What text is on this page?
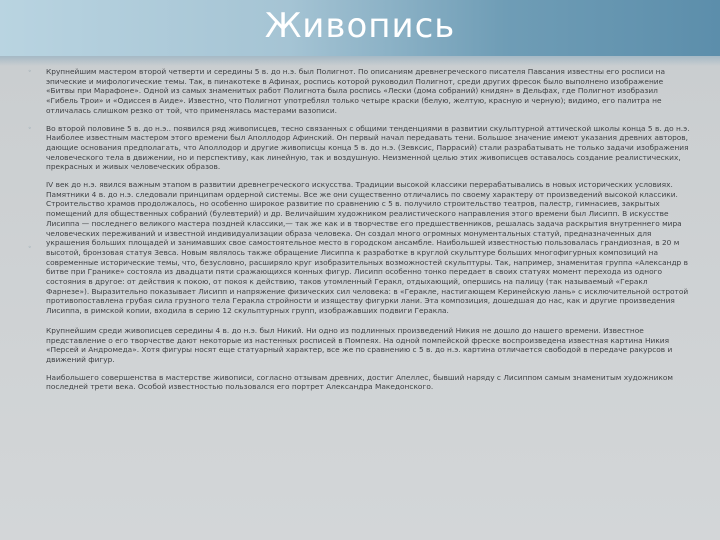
Живопись

◦	Крупнейшим мастером второй четверти и середины 5 в. до н.э. был Полигнот. По описаниям древнегреческого писателя Павсания известны его росписи на эпические и мифологические темы. Так, в пинакотеке в Афинах, роспись которой руководил Полигнот, среди других фресок было выполнено изображение «Битвы при Марафоне». Одной из самых знаменитых работ Полигнота была роспись «Лески (дома собраний) книдян» в Дельфах, где Полигнот изобразил «Гибель Трои» и «Одиссея в Аиде». Известно, что Полигнот употреблял только четыре краски (белую, желтую, красную и черную); видимо, его палитра не отличалась слишком резко от той, что применялась мастерами вазописи.

◦	Во второй половине 5 в. до н.э.. появился ряд живописцев, тесно связанных с общими тенденциями в развитии скульптурной аттической школы конца 5 в. до н.э. Наиболее известным мастером этого времени был Аполлодор Афинский. Он первый начал передавать тени. Большое значение имеют указания древних авторов, дающие основания предполагать, что Аполлодор и другие живописцы конца 5 в. до н.э. (Зевксис, Паррасий) стали разрабатывать не только задачи изображения человеческого тела в движении, но и перспективу, как линейную, так и воздушную. Неизменной целью этих живописцев оставалось создание реалистических, прекрасных и живых человеческих образов.

◦
IV век до н.э. явился важным этапом в развитии древнегреческого искусства. Традиции высокой классики перерабатывались в новых исторических условиях. Памятники 4 в. до н.э. следовали принципам ордерной системы. Все же они существенно отличались по своему характеру от произведений высокой классики. Строительство храмов продолжалось, но особенно широкое развитие по сравнению с 5 в. получило строительство театров, палестр, гимнасиев, закрытых помещений для общественных собраний (булевтерий) и др. Величайшим художником реалистического направления этого времени был Лисипп. В искусстве Лисиппа — последнего великого мастера поздней классики,— так же как и в творчестве его предшественников, решалась задача раскрытия внутреннего мира человеческих переживаний и известной индивидуализации образа человека. Он создал много огромных монументальных статуй, предназначенных для украшения больших площадей и занимавших свое самостоятельное место в городском ансамбле. Наибольшей известностью пользовалась грандиозная, в 20 м высотой, бронзовая статуя Зевса. Новым являлось также обращение Лисиппа к разработке в круглой скульптуре больших многофигурных композиций на современные исторические темы, что, безусловно, расширяло круг изобразительных возможностей скульптуры. Так, например, знаменитая группа «Александр в битве при Гранике» состояла из двадцати пяти сражающихся конных фигур. Лисипп особенно тонко передает в своих статуях момент перехода из одного состояния в другое: от действия к покою, от покоя к действию, таков утомленный Геракл, отдыхающий, опершись на палицу (так называемый «Геракл Фарнезе»). Выразительно показывает Лисипп и напряжение физических сил человека: в «Геракле, настигающем Керинейскую лань» с исключительной остротой противопоставлена грубая сила грузного тела Геракла стройности и изяществу фигурки лани. Эта композиция, дошедшая до нас, как и другие произведения Лисиппа, в римской копии, входила в серию 12 скульптурных групп, изображавших подвиги Геракла.

Крупнейшим среди живописцев середины 4 в. до н.э. был Никий. Ни одно из подлинных произведений Никия не дошло до нашего времени. Известное представление о его творчестве дают некоторые из настенных росписей в Помпеях. На одной помпейской фреске воспроизведена известная картина Никия «Персей и Андромеда». Хотя фигуры носят еще статуарный характер, все же по сравнению с 5 в. до н.э. картина отличается свободой в передаче ракурсов и движений фигур.

Наибольшего совершенства в мастерстве живописи, согласно отзывам древних, достиг Апеллес, бывший наряду с Лисиппом самым знаменитым художником последней трети века. Особой известностью пользовался его портрет Александра Македонского.
